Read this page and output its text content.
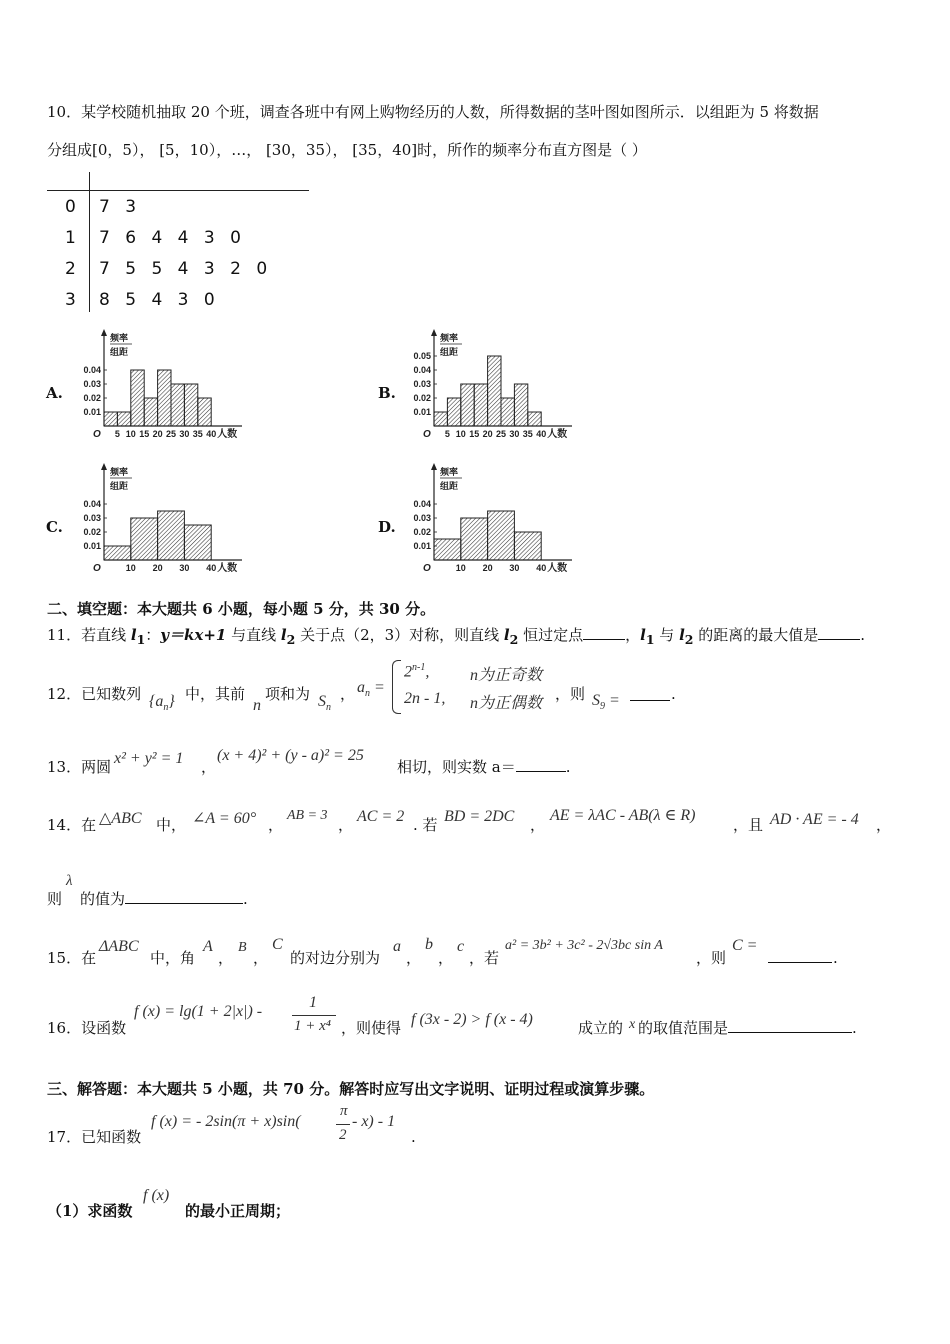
10．某学校随机抽取 20 个班，调查各班中有网上购物经历的人数，所得数据的茎叶图如图所示．以组距为 5 将数据
分组成[0，5）， [5，10），…， [30，35）， [35，40]时，所作的频率分布直方图是（ ）
0 7 3
1 7 6 4 4 3 0
2 7 5 5 4 3 2 0
3 8 5 4 3 0
A.	B.
C.	D.
频率
组距
0.04
0.03
0.02
0.01
O 5 10 15 20 25 30 35 40 人数
频率
组距
0.05
0.04
0.03
0.02
0.01
O 5 10 15 20 25 30 35 40 人数
频率
组距
0.04
0.03
0.02
0.01
O	10 20 30 40 人数
频率
组距
0.04
0.03
0.02
0.01
O	10 20 30 40 人数
二、填空题：本大题共 6 小题，每小题 5 分，共 30 分。
11．若直线 $l_1$：y＝kx+1 与直线 $l_2$ 关于点（2，3）对称，则直线 $l_2$ 恒过定点	，$l_1$ 与 $l_2$ 的距离的最大值是	.
12．已知数列 $\{a_n\}$ 中，其前
n
项和为 $S_n$
， $a_n$ =
$2^{n-1}$,	n为正奇数
2n - 1, n为正偶数
，则 $S_9$ =	.
13．两圆 x² + y² = 1 ，
(x + 4)² + (y - a)² = 25
相切，则实数 a＝	.
14．在 △ABC 中， ∠A = 60° ，
AB = 3
， AC = 2 . 若 BD = 2DC ，
AE = λAC - AB(λ ∈ R)
，且 AD · AE = - 4 ，
则
λ
的值为	.
15．在
ΔABC
中，角
A
，
B
，
C
的对边分别为
a
，
b
，
c
，若
a² = 3b² + 3c² - 2√3bc sin A
，则
C =
.
16．设函数
f (x) = lg(1 + 2|x|) -
1
1 + x⁴ ，则使得 f (3x - 2) > f (x - 4)	成立的 x 的取值范围是	.
三、解答题：本大题共 5 小题，共 70 分。解答时应写出文字说明、证明过程或演算步骤。
17．已知函数
f (x) = - 2sin(π + x)sin(
π
2
- x) - 1
.
（1）求函数
f (x)
的最小正周期；
